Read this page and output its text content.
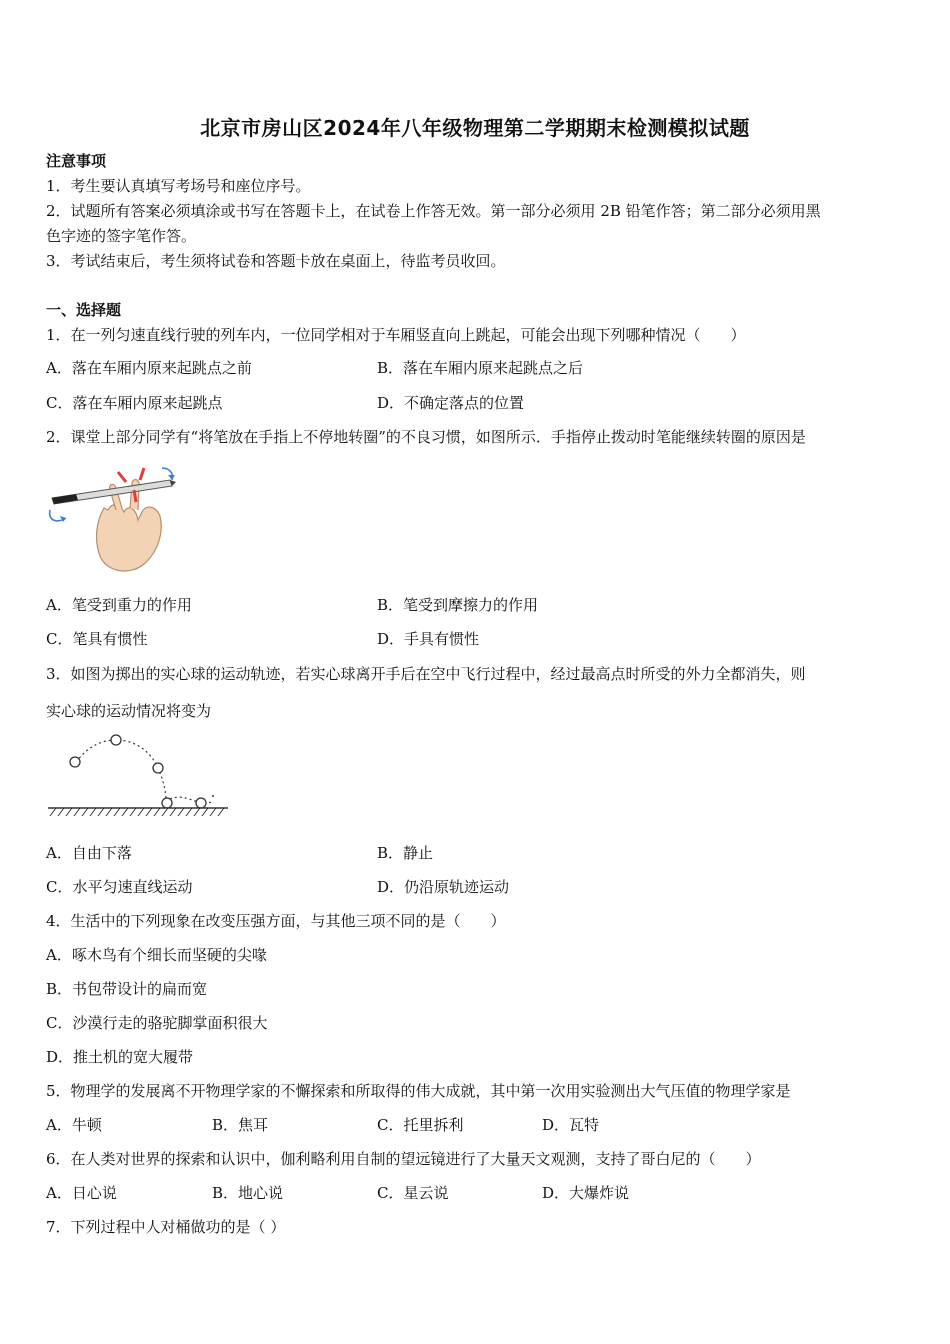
北京市房山区2024年八年级物理第二学期期末检测模拟试题
注意事项
1．考生要认真填写考场号和座位序号。
2．试题所有答案必须填涂或书写在答题卡上，在试卷上作答无效。第一部分必须用 2B 铅笔作答；第二部分必须用黑
色字迹的签字笔作答。
3．考试结束后，考生须将试卷和答题卡放在桌面上，待监考员收回。
一、选择题
1．在一列匀速直线行驶的列车内，一位同学相对于车厢竖直向上跳起，可能会出现下列哪种情况（　　）
A．落在车厢内原来起跳点之前	B．落在车厢内原来起跳点之后
C．落在车厢内原来起跳点	D．不确定落点的位置
2．课堂上部分同学有“将笔放在手指上不停地转圈”的不良习惯，如图所示．手指停止拨动时笔能继续转圈的原因是
A．笔受到重力的作用	B．笔受到摩擦力的作用
C．笔具有惯性	D．手具有惯性
3．如图为掷出的实心球的运动轨迹，若实心球离开手后在空中飞行过程中，经过最高点时所受的外力全都消失，则
实心球的运动情况将变为
A．自由下落	B．静止
C．水平匀速直线运动	D．仍沿原轨迹运动
4．生活中的下列现象在改变压强方面，与其他三项不同的是（　　）
A．啄木鸟有个细长而坚硬的尖喙
B．书包带设计的扁而宽
C．沙漠行走的骆驼脚掌面积很大
D．推土机的宽大履带
5．物理学的发展离不开物理学家的不懈探索和所取得的伟大成就，其中第一次用实验测出大气压值的物理学家是
A．牛顿	B．焦耳	C．托里拆利	D．瓦特
6．在人类对世界的探索和认识中，伽利略利用自制的望远镜进行了大量天文观测，支持了哥白尼的（　　）
A．日心说	B．地心说	C．星云说	D．大爆炸说
7．下列过程中人对桶做功的是（ ）
